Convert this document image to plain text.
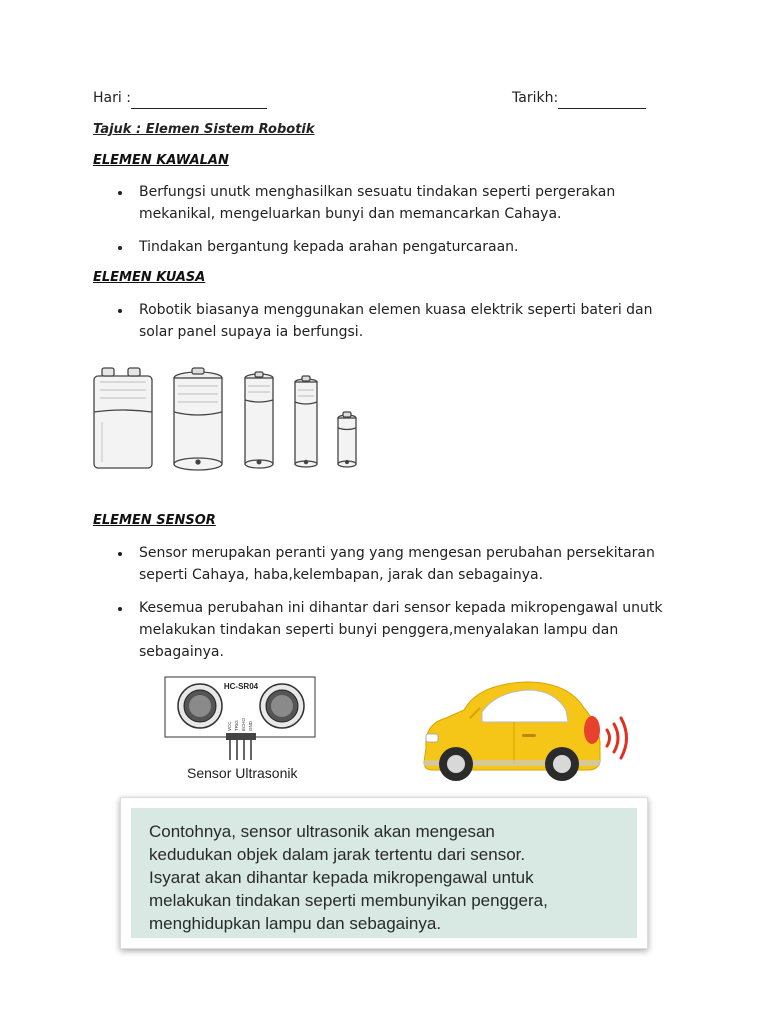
Hari :	Tarikh:
Tajuk : Elemen Sistem Robotik
ELEMEN KAWALAN
Berfungsi unutk menghasilkan sesuatu tindakan seperti pergerakan
mekanikal, mengeluarkan bunyi dan memancarkan Cahaya.
Tindakan bergantung kepada arahan pengaturcaraan.
ELEMEN KUASA
Robotik biasanya menggunakan elemen kuasa elektrik seperti bateri dan
solar panel supaya ia berfungsi.
ELEMEN SENSOR
Sensor merupakan peranti yang yang mengesan perubahan persekitaran
seperti Cahaya, haba,kelembapan, jarak dan sebagainya.
Kesemua perubahan ini dihantar dari sensor kepada mikropengawal unutk
melakukan tindakan seperti bunyi penggera,menyalakan lampu dan
sebagainya.
HC-SR04
VCC TRIG ECHO GND
Sensor Ultrasonik
Contohnya, sensor ultrasonik akan mengesan
kedudukan objek dalam jarak tertentu dari sensor.
Isyarat akan dihantar kepada mikropengawal untuk
melakukan tindakan seperti membunyikan penggera,
menghidupkan lampu dan sebagainya.
